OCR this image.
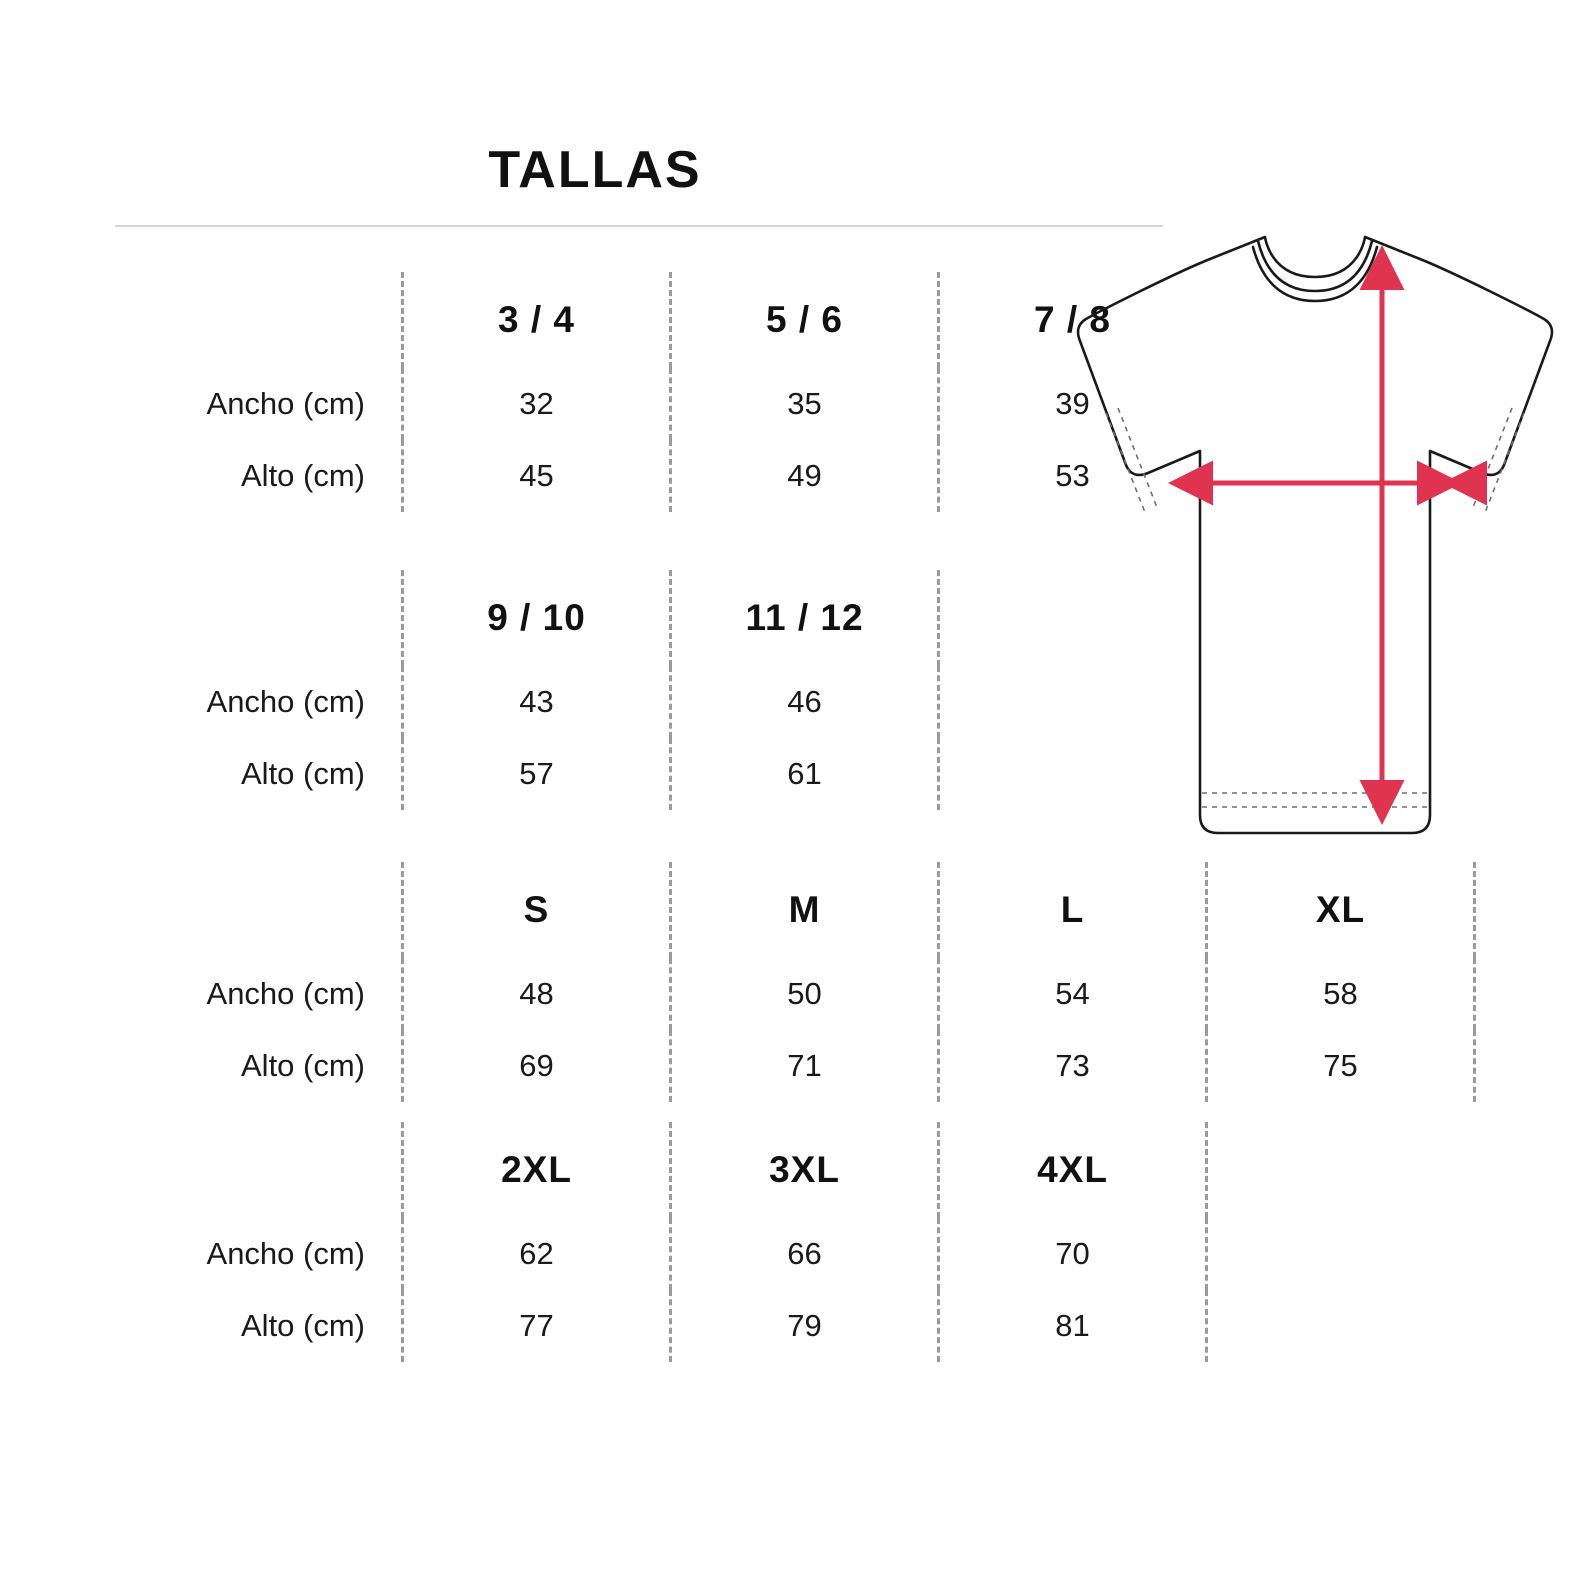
TALLAS
	3 / 4	5 / 6	7 / 8
Ancho (cm)	32	35	39
Alto (cm)	45	49	53
	9 / 10	11 / 12
Ancho (cm)	43	46
Alto (cm)	57	61
	S	M	L	XL
Ancho (cm)	48	50	54	58
Alto (cm)	69	71	73	75
	2XL	3XL	4XL
Ancho (cm)	62	66	70
Alto (cm)	77	79	81
